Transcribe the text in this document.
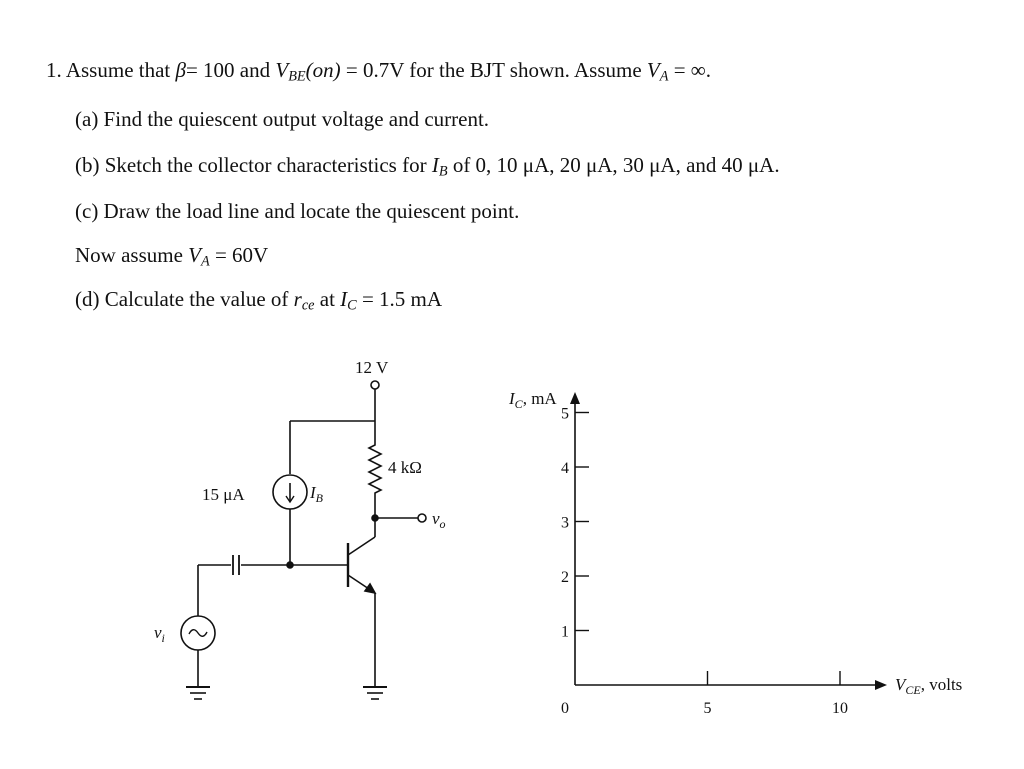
1. Assume that β= 100 and $V_{BE}(on) = 0.7V$ for the BJT shown. Assume $V_A$ = ∞.
(a) Find the quiescent output voltage and current.
(b) Sketch the collector characteristics for $I_B$ of 0, 10 μA, 20 μA, 30 μA, and 40 μA.
(c) Draw the load line and locate the quiescent point.
Now assume $V_A = 60V$
(d) Calculate the value of $r_{ce}$ at $I_C = 1.5$ mA
12 V
4 kΩ
15 μA	$I_B$
$v_o$
$v_i$
$I_C$, mA
$V_{CE}$, volts
0
1
2
3
4
5
5	10
